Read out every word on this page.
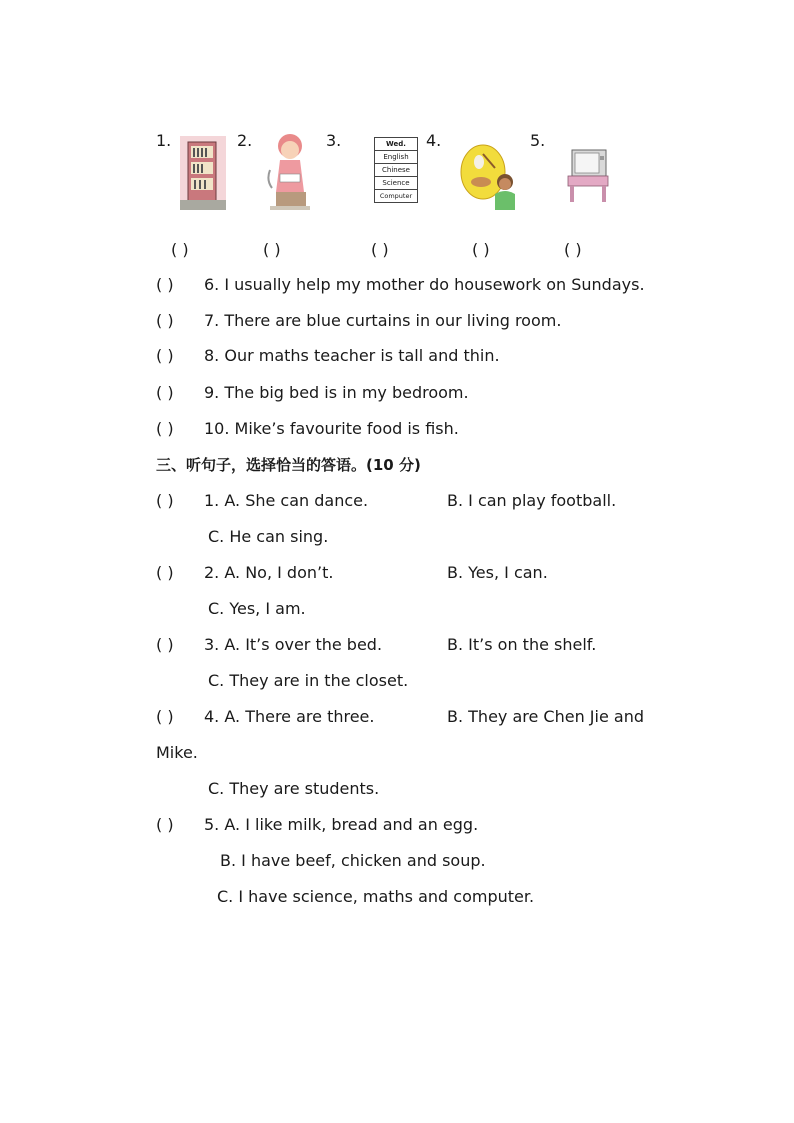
1.	2.	3.	4.	5.
Wed.
English
Chinese
Science
Computer
( )	( )	( )	( )	( )
( ) 6. I usually help my mother do housework on Sundays.
( ) 7. There are blue curtains in our living room.
( ) 8. Our maths teacher is tall and thin.
( ) 9. The big bed is in my bedroom.
( ) 10. Mike’s favourite food is fish.
三、听句子，选择恰当的答语。(10 分)
( ) 1. A. She can dance.	B. I can play football.
C. He can sing.
( ) 2. A. No, I don’t.	B. Yes, I can.
C. Yes, I am.
( ) 3. A. It’s over the bed.	B. It’s on the shelf.
C. They are in the closet.
( ) 4. A. There are three.	B. They are Chen Jie and
Mike.
C. They are students.
( ) 5. A. I like milk, bread and an egg.
B. I have beef, chicken and soup.
C. I have science, maths and computer.
